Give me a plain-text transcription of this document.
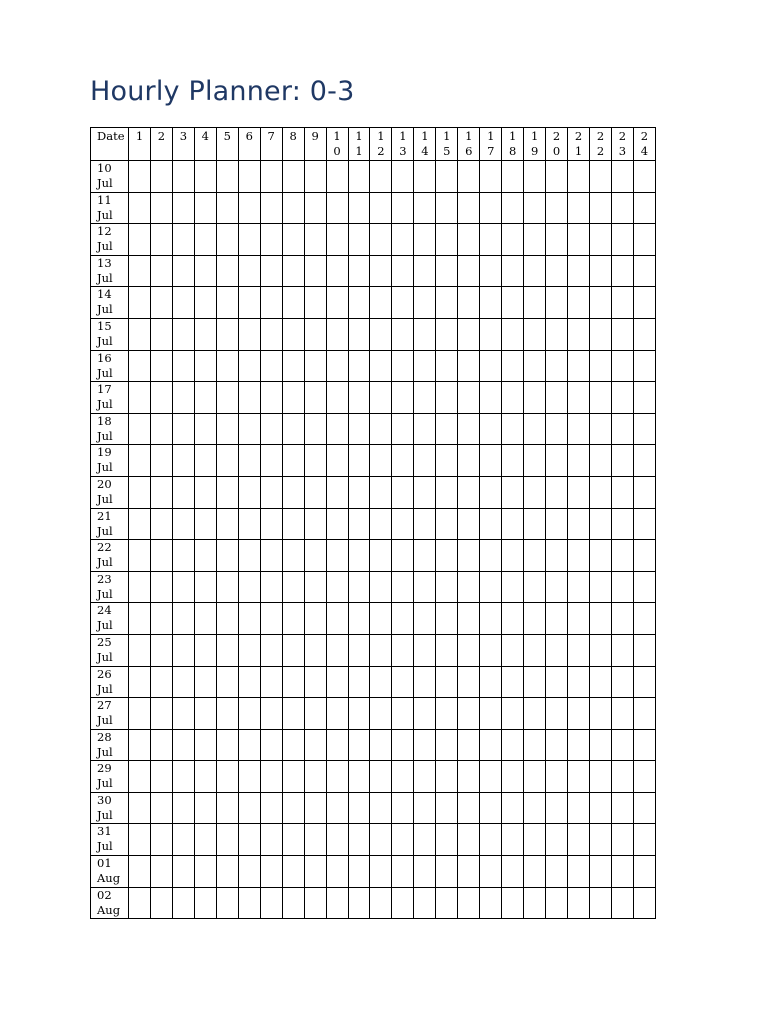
Hourly Planner: 0-3
Date	1	2	3	4	5	6	7	8	9	10	11	12	13	14	15	16	17	18	19	20	21	22	23	24

10
Jul																								

11
Jul																								

12
Jul																								

13
Jul																								

14
Jul																								

15
Jul																								

16
Jul																								

17
Jul																								

18
Jul																								

19
Jul																								

20
Jul																								

21
Jul																								

22
Jul																								

23
Jul																								

24
Jul																								

25
Jul																								

26
Jul																								

27
Jul																								

28
Jul																								

29
Jul																								

30
Jul																								

31
Jul																								

01
Aug																								

02
Aug																								
